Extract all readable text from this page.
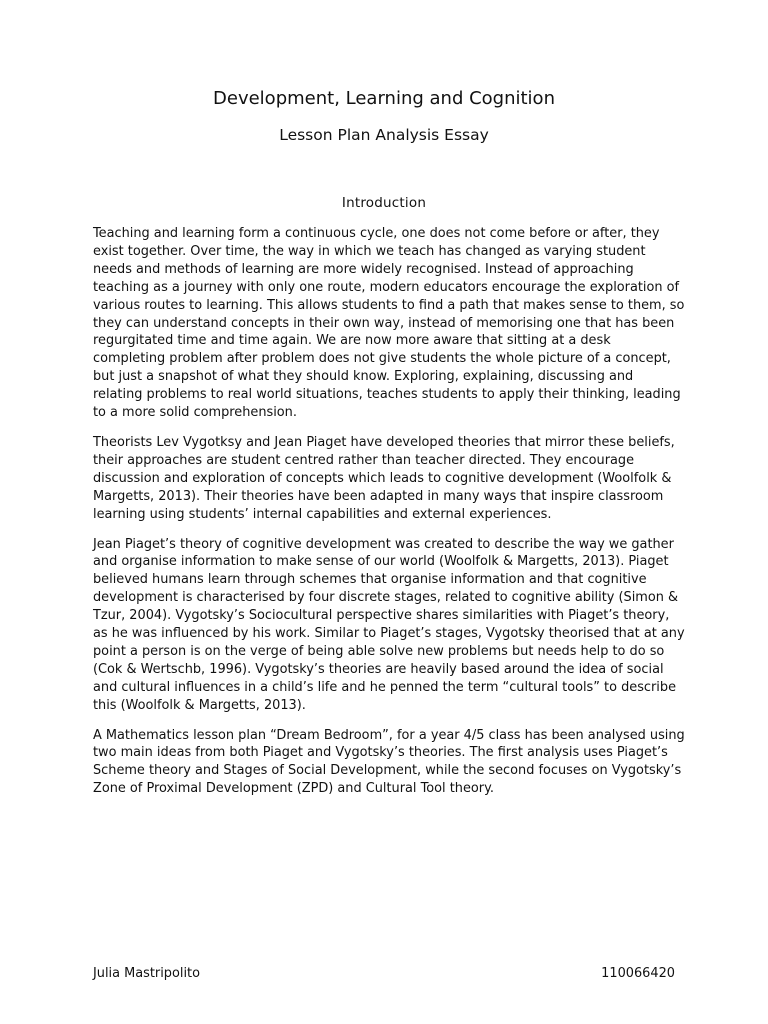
Development, Learning and Cognition
Lesson Plan Analysis Essay
Introduction

Teaching and learning form a continuous cycle, one does not come before or after, they exist together. Over time, the way in which we teach has changed as varying student needs and methods of learning are more widely recognised. Instead of approaching teaching as a journey with only one route, modern educators encourage the exploration of various routes to learning. This allows students to find a path that makes sense to them, so they can understand concepts in their own way, instead of memorising one that has been regurgitated time and time again. We are now more aware that sitting at a desk completing problem after problem does not give students the whole picture of a concept, but just a snapshot of what they should know. Exploring, explaining, discussing and relating problems to real world situations, teaches students to apply their thinking, leading to a more solid comprehension.

Theorists Lev Vygotksy and Jean Piaget have developed theories that mirror these beliefs, their approaches are student centred rather than teacher directed. They encourage discussion and exploration of concepts which leads to cognitive development (Woolfolk & Margetts, 2013). Their theories have been adapted in many ways that inspire classroom learning using students’ internal capabilities and external experiences.

Jean Piaget’s theory of cognitive development was created to describe the way we gather and organise information to make sense of our world (Woolfolk & Margetts, 2013). Piaget believed humans learn through schemes that organise information and that cognitive development is characterised by four discrete stages, related to cognitive ability (Simon & Tzur, 2004). Vygotsky’s Sociocultural perspective shares similarities with Piaget’s theory, as he was influenced by his work. Similar to Piaget’s stages, Vygotsky theorised that at any point a person is on the verge of being able solve new problems but needs help to do so (Cok & Wertschb, 1996). Vygotsky’s theories are heavily based around the idea of social and cultural influences in a child’s life and he penned the term “cultural tools” to describe this (Woolfolk & Margetts, 2013).

A Mathematics lesson plan “Dream Bedroom”, for a year 4/5 class has been analysed using two main ideas from both Piaget and Vygotsky’s theories. The first analysis uses Piaget’s Scheme theory and Stages of Social Development, while the second focuses on Vygotsky’s Zone of Proximal Development (ZPD) and Cultural Tool theory.

Julia Mastripolito	110066420
